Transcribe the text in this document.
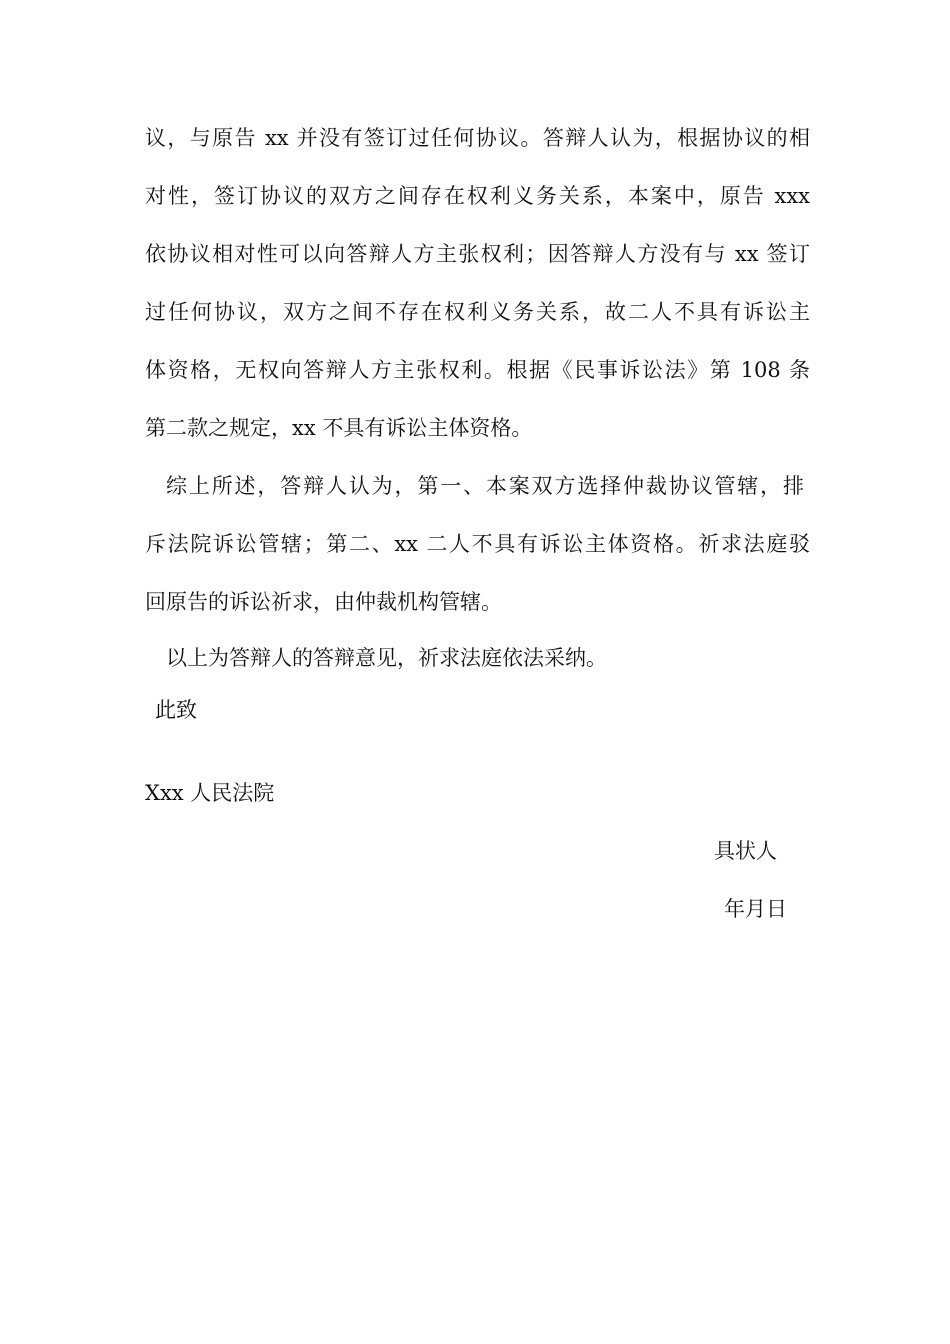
议，与原告 xx 并没有签订过任何协议。答辩人认为，根据协议的相
对性，签订协议的双方之间存在权利义务关系，本案中，原告 xxx
依协议相对性可以向答辩人方主张权利；因答辩人方没有与 xx 签订
过任何协议，双方之间不存在权利义务关系，故二人不具有诉讼主
体资格，无权向答辩人方主张权利。根据《民事诉讼法》第 108 条
第二款之规定，xx 不具有诉讼主体资格。
综上所述，答辩人认为，第一、本案双方选择仲裁协议管辖，排
斥法院诉讼管辖；第二、xx 二人不具有诉讼主体资格。祈求法庭驳
回原告的诉讼祈求，由仲裁机构管辖。
以上为答辩人的答辩意见，祈求法庭依法采纳。
此致
Xxx 人民法院
具状人
年月日
